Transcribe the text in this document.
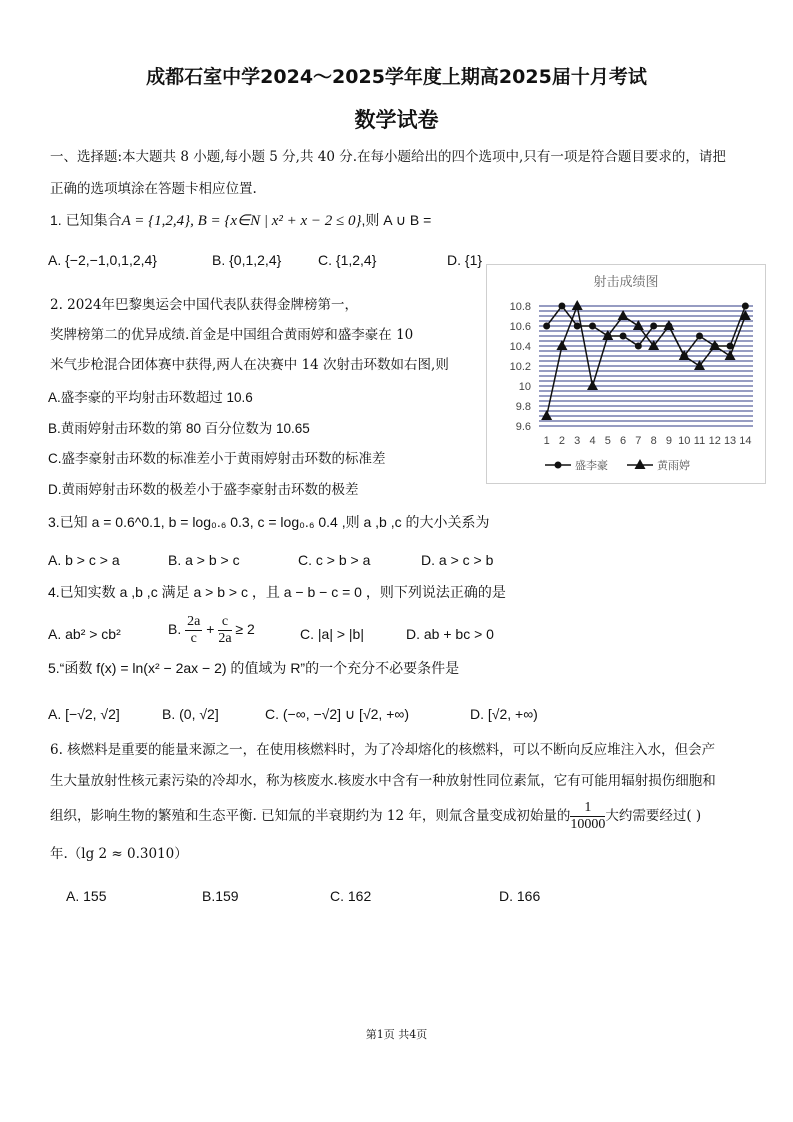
成都石室中学2024～2025学年度上期高2025届十月考试
数学试卷
一、选择题:本大题共 8 小题,每小题 5 分,共 40 分.在每小题给出的四个选项中,只有一项是符合题目要求的，请把
正确的选项填涂在答题卡相应位置.
1. 已知集合A = {1,2,4}, B = {x∈N | x² + x − 2 ≤ 0},则 A ∪ B =
A. {−2,−1,0,1,2,4}	B. {0,1,2,4}	C. {1,2,4}	D. {1}
2. 2024年巴黎奥运会中国代表队获得金牌榜第一，
奖牌榜第二的优异成绩.首金是中国组合黄雨婷和盛李豪在 10
米气步枪混合团体赛中获得,两人在决赛中 14 次射击环数如右图,则
A.盛李豪的平均射击环数超过 10.6
B.黄雨婷射击环数的第 80 百分位数为 10.65
C.盛李豪射击环数的标准差小于黄雨婷射击环数的标准差
D.黄雨婷射击环数的极差小于盛李豪射击环数的极差
射击成绩图
10.8
10.6
10.4
10.2
10
9.8
9.6
1 2 3 4 5 6 7 8 9 10 11 12 13 14
盛李豪	黄雨婷
3.已知 a = 0.6^0.1, b = log₀.₆ 0.3, c = log₀.₆ 0.4 ,则 a ,b ,c 的大小关系为
A. b > c > a	B. a > b > c	C. c > b > a	D. a > c > b
4.已知实数 a ,b ,c 满足 a > b > c ，且 a − b − c = 0 ，则下列说法正确的是
A. ab² > cb²	B. $\frac{2a}{c} + \frac{c}{2a} \ge 2$	C. |a| > |b|	D. ab + bc > 0
5.“函数 f(x) = ln(x² − 2ax − 2) 的值域为 R”的一个充分不必要条件是
A. [−√2, √2]	B. (0, √2]	C. (−∞, −√2] ∪ [√2, +∞)	D. [√2, +∞)
6. 核燃料是重要的能量来源之一，在使用核燃料时，为了冷却熔化的核燃料，可以不断向反应堆注入水，但会产
生大量放射性核元素污染的冷却水，称为核废水.核废水中含有一种放射性同位素氚，它有可能用辐射损伤细胞和
组织，影响生物的繁殖和生态平衡. 已知氚的半衰期约为 12 年，则氚含量变成初始量的 $\frac{1}{10000}$ 大约需要经过( )
年.（lg 2 ≈ 0.3010）
A. 155	B.159	C. 162	D. 166
第1页 共4页
